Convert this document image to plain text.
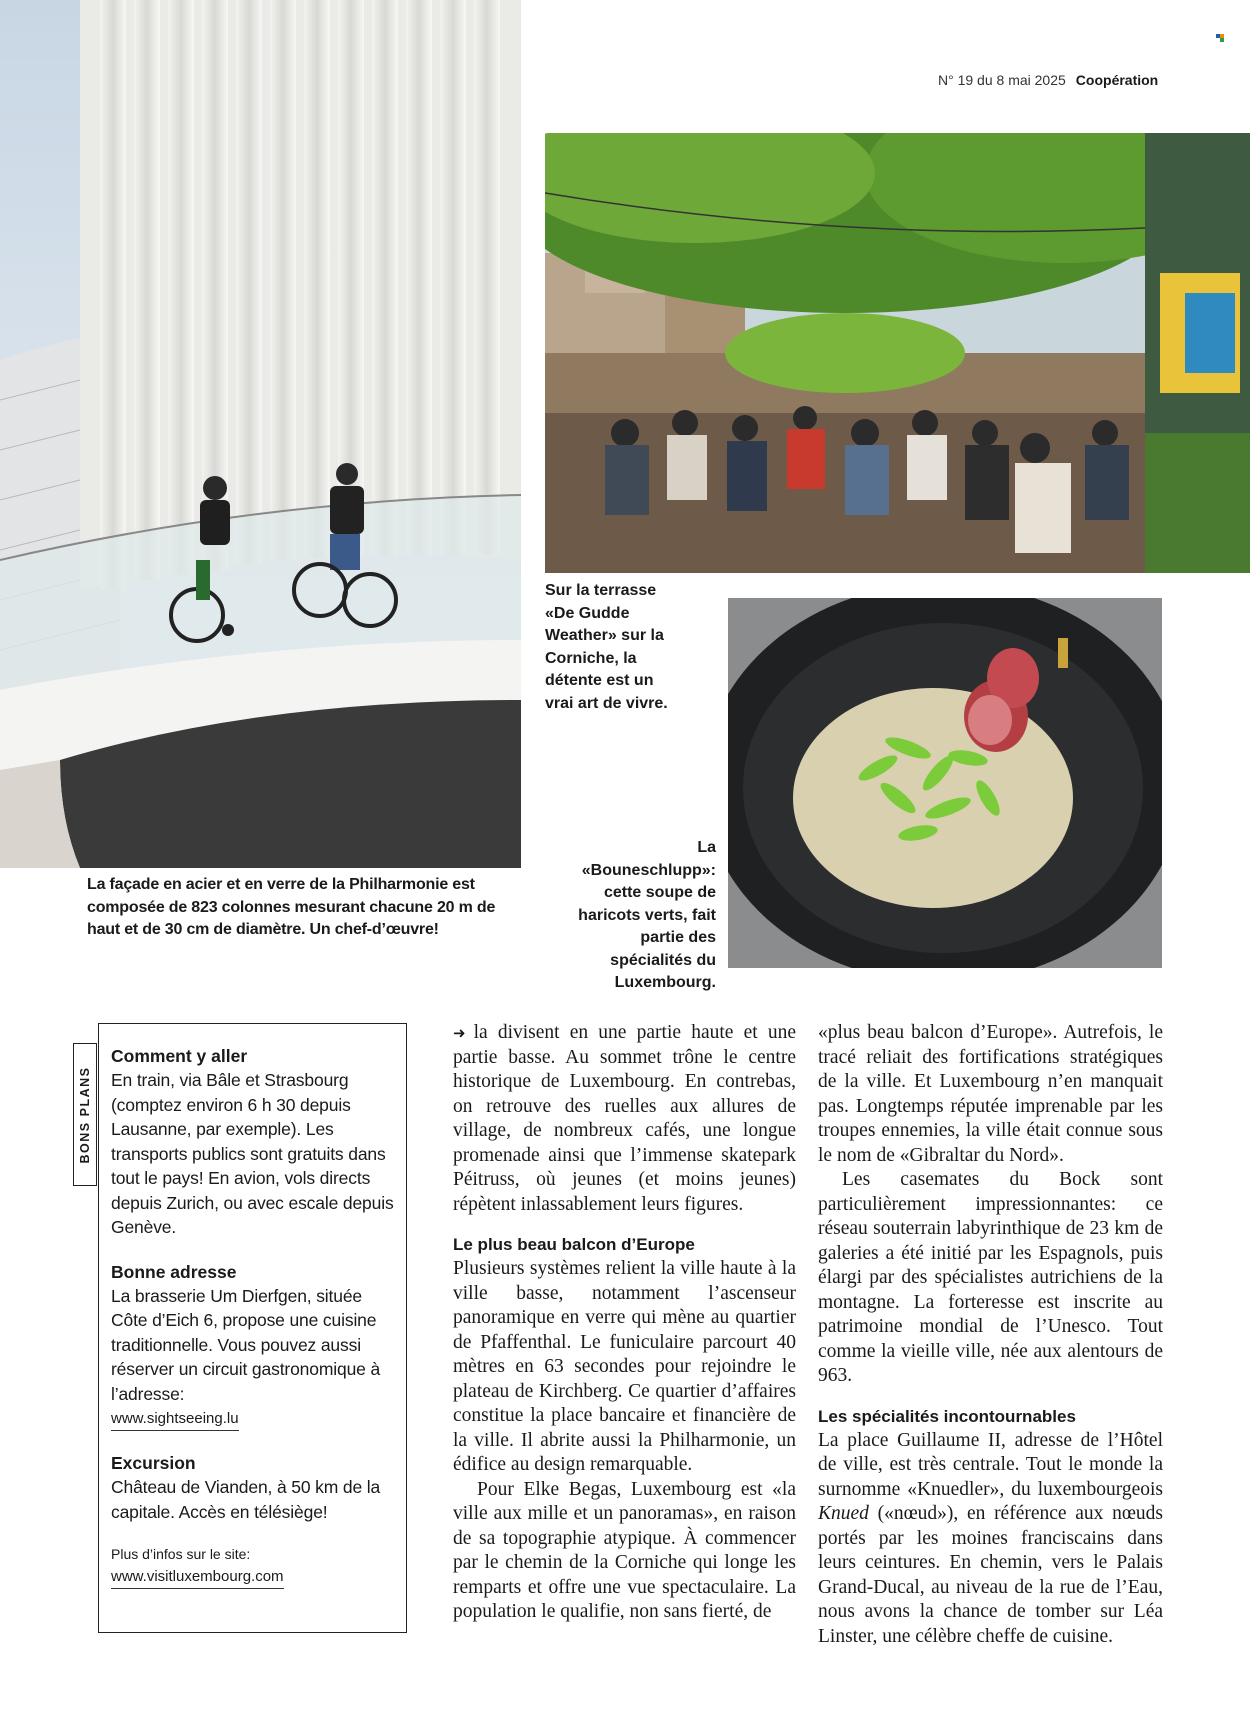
N° 19 du 8 mai 2025 Coopération
La façade en acier et en verre de la Philharmonie est composée de 823 colonnes mesurant chacune 20 m de haut et de 30 cm de diamètre. Un chef-d’œuvre!
Sur la terrasse «De Gudde Weather» sur la Corniche, la détente est un vrai art de vivre.
La «Bouneschlupp»: cette soupe de haricots verts, fait partie des spécialités du Luxembourg.
Comment y aller
En train, via Bâle et Strasbourg (comptez environ 6 h 30 depuis Lausanne, par exemple). Les transports publics sont gratuits dans tout le pays! En avion, vols directs depuis Zurich, ou avec escale depuis Genève.
Bonne adresse
La brasserie Um Dierfgen, située Côte d’Eich 6, propose une cuisine traditionnelle. Vous pouvez aussi réserver un circuit gastronomique à l’adresse:
www.sightseeing.lu
Excursion
Château de Vianden, à 50 km de la capitale. Accès en télésiège!
Plus d’infos sur le site:
www.visitluxembourg.com
BONS PLANS

➜ la divisent en une partie haute et une partie basse. Au sommet trône le centre historique de Luxembourg. En contrebas, on retrouve des ruelles aux allures de village, de nombreux cafés, une longue promenade ainsi que l’immense skatepark Péitruss, où jeunes (et moins jeunes) répètent inlassablement leurs figures.

Le plus beau balcon d’Europe

Plusieurs systèmes relient la ville haute à la ville basse, notamment l’ascenseur panoramique en verre qui mène au quartier de Pfaffenthal. Le funiculaire parcourt 40 mètres en 63 secondes pour rejoindre le plateau de Kirchberg. Ce quartier d’affaires constitue la place bancaire et financière de la ville. Il abrite aussi la Philharmonie, un édifice au design remarquable.

Pour Elke Begas, Luxembourg est «la ville aux mille et un panoramas», en raison de sa topographie atypique. À commencer par le chemin de la Corniche qui longe les remparts et offre une vue spectaculaire. La population le qualifie, non sans fierté, de

«plus beau balcon d’Europe». Autrefois, le tracé reliait des fortifications stratégiques de la ville. Et Luxembourg n’en manquait pas. Longtemps réputée imprenable par les troupes ennemies, la ville était connue sous le nom de «Gibraltar du Nord».

Les casemates du Bock sont particulièrement impressionnantes: ce réseau souterrain labyrinthique de 23 km de galeries a été initié par les Espagnols, puis élargi par des spécialistes autrichiens de la montagne. La forteresse est inscrite au patrimoine mondial de l’Unesco. Tout comme la vieille ville, née aux alentours de 963.

Les spécialités incontournables

La place Guillaume II, adresse de l’Hôtel de ville, est très centrale. Tout le monde la surnomme «Knuedler», du luxembourgeois Knued («nœud»), en référence aux nœuds portés par les moines franciscains dans leurs ceintures. En chemin, vers le Palais Grand-Ducal, au niveau de la rue de l’Eau, nous avons la chance de tomber sur Léa Linster, une célèbre cheffe de cuisine.
